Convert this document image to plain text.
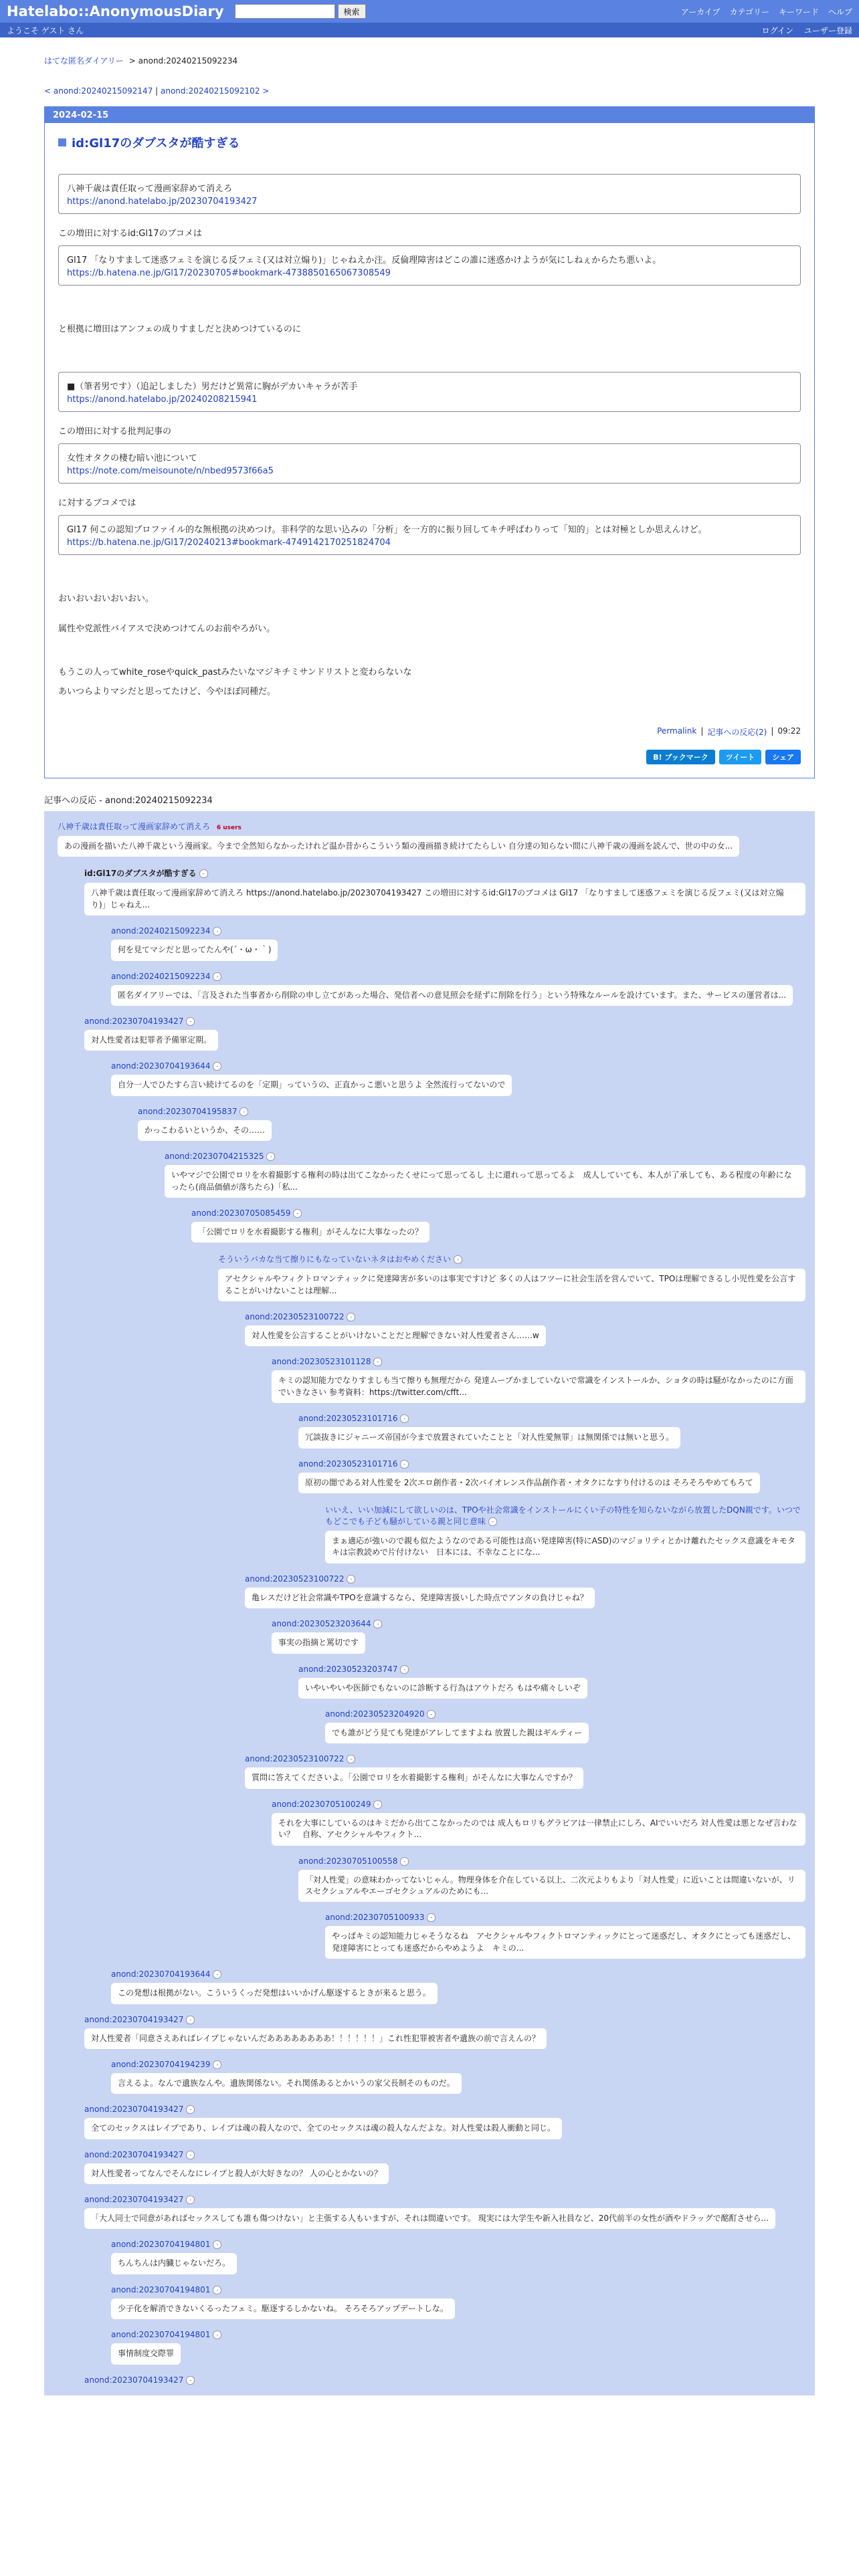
Hatelabo::AnonymousDiary	検索	アーカイブ カテゴリー キーワード ヘルプ
ようこそ ゲスト さん	ログイン ユーザー登録
はてな匿名ダイアリー > anond:20240215092234
< anond:20240215092147 | anond:20240215092102 >
2024-02-15
id:Gl17のダブスタが酷すぎる

八神千歳は責任取って漫画家辞めて消えろ

https://anond.hatelabo.jp/20230704193427

この増田に対するid:Gl17のブコメは

Gl17 「なりすまして迷惑フェミを演じる反フェミ(又は対立煽り)」じゃねえか注。反倫理障害はどこの誰に迷惑かけようが気にしねぇからたち悪いよ。

https://b.hatena.ne.jp/Gl17/20230705#bookmark-4738850165067308549

と根拠に増田はアンフェの成りすましだと決めつけているのに

■（筆者男です）（追記しました）男だけど異常に胸がデカいキャラが苦手

https://anond.hatelabo.jp/20240208215941

この増田に対する批判記事の

女性オタクの棲む暗い池について

https://note.com/meisounote/n/nbed9573f66a5

に対するブコメでは

Gl17 何この認知プロファイル的な無根拠の決めつけ。非科学的な思い込みの「分析」を一方的に振り回してキチ呼ばわりって「知的」とは対極としか思えんけど。

https://b.hatena.ne.jp/Gl17/20240213#bookmark-4749142170251824704

おいおいおいおいおい。

属性や党派性バイアスで決めつけてんのお前やろがい。

もうこの人ってwhite_roseやquick_pastみたいなマジキチミサンドリストと変わらないな

あいつらよりマシだと思ってたけど、今やほぼ同種だ。

Permalink | 記事への反応(2) | 09:22
B! ブックマーク	ツイート	シェア
記事への反応 - anond:20240215092234
八神千歳は責任取って漫画家辞めて消えろ 6 users
あの漫画を描いた八神千歳という漫画家。今まで全然知らなかったけれど温か昔からこういう類の漫画描き続けてたらしい 自分達の知らない間に八神千歳の漫画を読んで、世の中の女...
id:Gl17のダブスタが酷すぎる -
八神千歳は責任取って漫画家辞めて消えろ https://anond.hatelabo.jp/20230704193427 この増田に対するid:Gl17のブコメは Gl17 「なりすまして迷惑フェミを演じる反フェミ(又は対立煽り)」じゃねえ...
anond:20240215092234 -
何を見てマシだと思ってたんや(´・ω・｀)
anond:20240215092234 -
匿名ダイアリーでは、「言及された当事者から削除の申し立てがあった場合、発信者への意見照会を経ずに削除を行う」という特殊なルールを設けています。また、サービスの運営者は...
anond:20230704193427 -
対人性愛者は犯罪者予備軍定期。
anond:20230704193644 -
自分一人でひたすら言い続けてるのを「定期」っていうの、正直かっこ悪いと思うよ 全然流行ってないので
anond:20230704195837 -
かっこわるいというか、その……
anond:20230704215325 -
いやマジで公園でロリを水着撮影する権利の時は出てこなかったくせにって思ってるし 土に還れって思ってるよ　成人していても、本人が了承しても、ある程度の年齢になったら(商品価値が落ちたら)「私...
anond:20230705085459 -
「公園でロリを水着撮影する権利」がそんなに大事なったの？
そういうバカな当て擦りにもなっていないネタはおやめください -
アセクシャルやフィクトロマンティックに発達障害が多いのは事実ですけど 多くの人はフツーに社会生活を営んでいて、TPOは理解できるし小児性愛を公言することがいけないことは理解...
anond:20230523100722 -
対人性愛を公言することがいけないことだと理解できない対人性愛者さん……w
anond:20230523101128 -
キミの認知能力でなりすましも当て擦りも無理だから 発達ムーブかましていないで常識をインストールか、ショタの時は騒がなかったのに方面でいきなさい 参考資料：https://twitter.com/cfft...
anond:20230523101716 -
冗談抜きにジャニーズ帝国が今まで放置されていたことと「対人性愛無罪」は無関係では無いと思う。
anond:20230523101716 -
原初の闇である対人性愛を 2次エロ創作者・2次バイオレンス作品創作者・オタクになすり付けるのは そろそろやめてもろて
いいえ、いい加減にして欲しいのは、TPOや社会常識をインストールにくい子の特性を知らないながら放置したDQN親です。いつでもどこでも子ども騒がしている親と同じ意味 -
まぁ適応が強いので親も似たようなのである可能性は高い発達障害(特にASD)のマジョリティとかけ離れたセックス意識をキモタキは宗教読めで片付けない　日本には、不幸なことにな...
anond:20230523100722 -
亀レスだけど社会常識やTPOを意識するなら、発達障害扱いした時点でアンタの負けじゃね？
anond:20230523203644 -
事実の指摘と罵切です
anond:20230523203747 -
いやいやいや医師でもないのに診断する行為はアウトだろ もはや痛々しいぞ
anond:20230523204920 -
でも誰がどう見ても発達がアレしてますよね 放置した親はギルティー
anond:20230523100722 -
質問に答えてくださいよ。「公園でロリを水着撮影する権利」がそんなに大事なんですか？
anond:20230705100249 -
それを大事にしているのはキミだから出てこなかったのでは 成人もロリもグラビアは一律禁止にしろ、AIでいいだろ 対人性愛は悪となぜ言わない？　自称、アセクシャルやフィクト...
anond:20230705100558 -
「対人性愛」の意味わかってないじゃん。物理身体を介在している以上、二次元よりもより「対人性愛」に近いことは間違いないが、リスセクシュアルやエーゴセクシュアルのためにも...
anond:20230705100933 -
やっぱキミの認知能力じゃそうなるね　アセクシャルやフィクトロマンティックにとって迷惑だし、オタクにとっても迷惑だし、発達障害にとっても迷惑だからやめようよ　キミの...
anond:20230704193644 -
この発想は根拠がない。こういうくっだ発想はいいかげん駆逐するときが来ると思う。
anond:20230704193427 -
対人性愛者「同意さえあればレイプじゃないんだああああああああ！！！！！！」これ性犯罪被害者や遺族の前で言えんの？
anond:20230704194239 -
言えるよ。なんで遺族なんや。遺族関係ない。それ関係あるとかいうの家父長制そのものだ。
anond:20230704193427 -
全てのセックスはレイプであり、レイプは魂の殺人なので、全てのセックスは魂の殺人なんだよな。対人性愛は殺人衝動と同じ。
anond:20230704193427 -
対人性愛者ってなんでそんなにレイプと殺人が大好きなの？ 人の心とかないの？
anond:20230704193427 -
「大人同士で同意があればセックスしても誰も傷つけない」と主張する人もいますが、それは間違いです。 現実には大学生や新入社員など、20代前半の女性が酒やドラッグで酩酊させら...
anond:20230704194801 -
ちんちんは内臓じゃないだろ。
anond:20230704194801 -
少子化を解消できないくるったフェミ。駆逐するしかないね。 そろそろアップデートしな。
anond:20230704194801 -
事情制度交際罪
anond:20230704193427 -
